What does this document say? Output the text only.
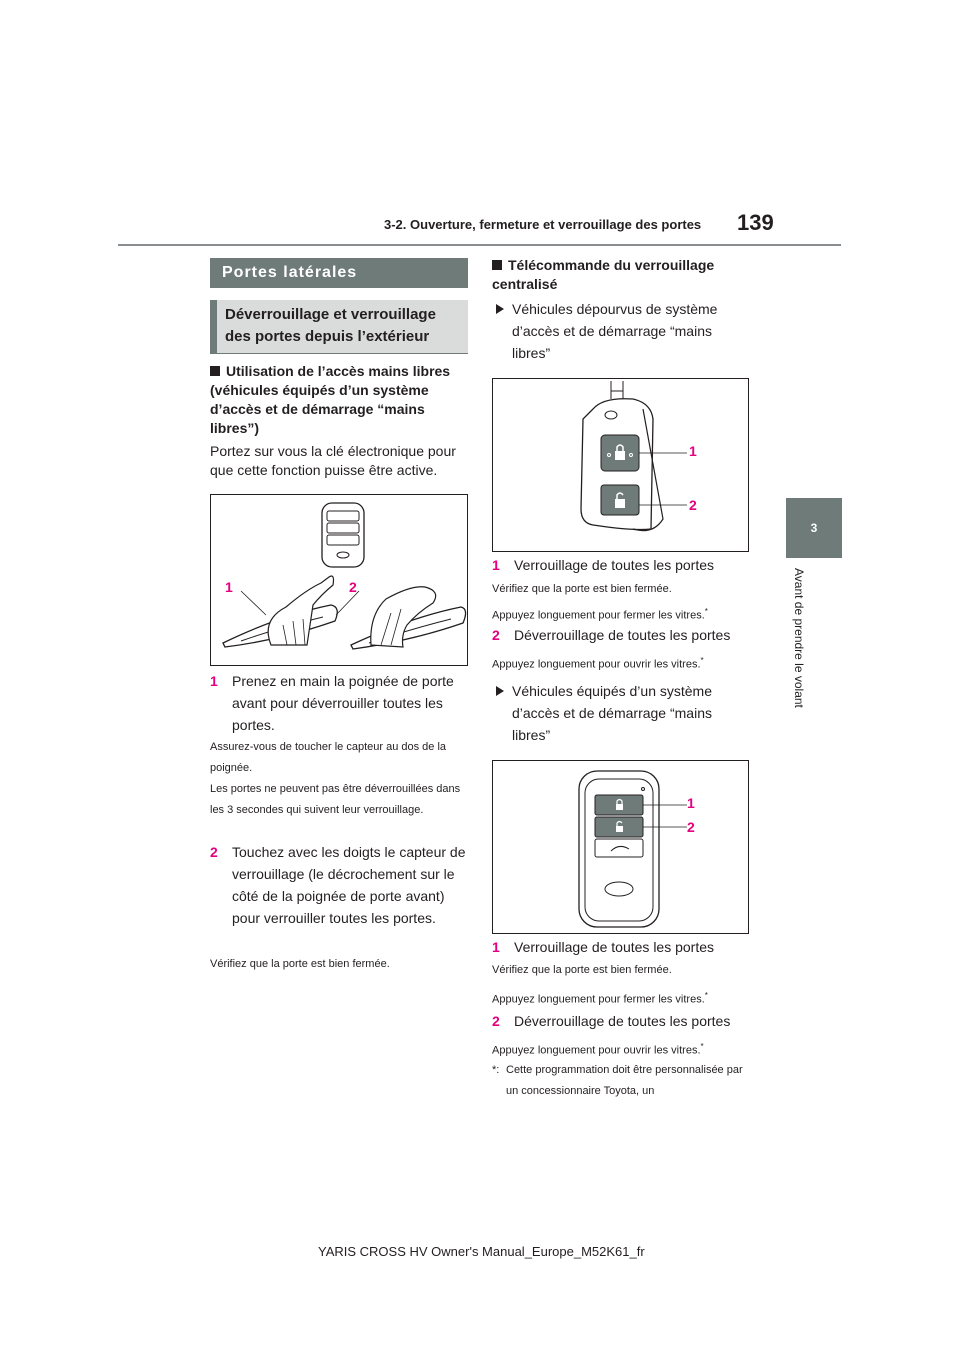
3-2. Ouverture, fermeture et verrouillage des portes 139
3
Avant de prendre le volant
Portes latérales
Déverrouillage et verrouillage des portes depuis l’extérieur
Utilisation de l’accès mains libres (véhicules équipés d’un système d’accès et de démarrage “mains libres”)
Portez sur vous la clé électronique pour que cette fonction puisse être active.
1	2
1	Prenez en main la poignée de porte avant pour déverrouiller toutes les portes.
Assurez-vous de toucher le capteur au dos de la poignée.
Les portes ne peuvent pas être déverrouillées dans les 3 secondes qui suivent leur verrouillage.
2	Touchez avec les doigts le capteur de verrouillage (le décrochement sur le côté de la poignée de porte avant) pour verrouiller toutes les portes.
Vérifiez que la porte est bien fermée.
Télécommande du verrouillage centralisé
Véhicules dépourvus de système d’accès et de démarrage “mains libres”
1
2
1	Verrouillage de toutes les portes
Vérifiez que la porte est bien fermée.
Appuyez longuement pour fermer les vitres.*
2	Déverrouillage de toutes les portes
Appuyez longuement pour ouvrir les vitres.*
Véhicules équipés d’un système d’accès et de démarrage “mains libres”
1
2
1	Verrouillage de toutes les portes
Vérifiez que la porte est bien fermée.
Appuyez longuement pour fermer les vitres.*
2	Déverrouillage de toutes les portes
Appuyez longuement pour ouvrir les vitres.*
*: Cette programmation doit être personnalisée par un concessionnaire Toyota, un
YARIS CROSS HV Owner's Manual_Europe_M52K61_fr
